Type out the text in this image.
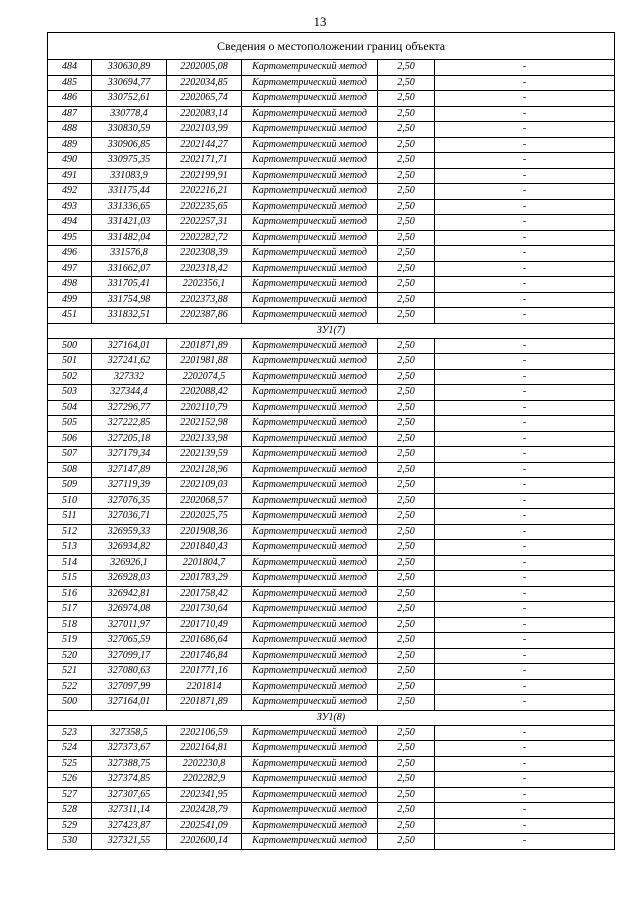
13
Сведения о местоположении границ объекта					
484	330630,89	2202005,08	Картометрический метод	2,50	-
485	330694,77	2202034,85	Картометрический метод	2,50	-
486	330752,61	2202065,74	Картометрический метод	2,50	-
487	330778,4	2202083,14	Картометрический метод	2,50	-
488	330830,59	2202103,99	Картометрический метод	2,50	-
489	330906,85	2202144,27	Картометрический метод	2,50	-
490	330975,35	2202171,71	Картометрический метод	2,50	-
491	331083,9	2202199,91	Картометрический метод	2,50	-
492	331175,44	2202216,21	Картометрический метод	2,50	-
493	331336,65	2202235,65	Картометрический метод	2,50	-
494	331421,03	2202257,31	Картометрический метод	2,50	-
495	331482,04	2202282,72	Картометрический метод	2,50	-
496	331576,8	2202308,39	Картометрический метод	2,50	-
497	331662,07	2202318,42	Картометрический метод	2,50	-
498	331705,41	2202356,1	Картометрический метод	2,50	-
499	331754,98	2202373,88	Картометрический метод	2,50	-
451	331832,51	2202387,86	Картометрический метод	2,50	-
ЗУ1(7)					
500	327164,01	2201871,89	Картометрический метод	2,50	-
501	327241,62	2201981,88	Картометрический метод	2,50	-
502	327332	2202074,5	Картометрический метод	2,50	-
503	327344,4	2202088,42	Картометрический метод	2,50	-
504	327296,77	2202110,79	Картометрический метод	2,50	-
505	327222,85	2202152,98	Картометрический метод	2,50	-
506	327205,18	2202133,98	Картометрический метод	2,50	-
507	327179,34	2202139,59	Картометрический метод	2,50	-
508	327147,89	2202128,96	Картометрический метод	2,50	-
509	327119,39	2202109,03	Картометрический метод	2,50	-
510	327076,35	2202068,57	Картометрический метод	2,50	-
511	327036,71	2202025,75	Картометрический метод	2,50	-
512	326959,33	2201908,36	Картометрический метод	2,50	-
513	326934,82	2201840,43	Картометрический метод	2,50	-
514	326926,1	2201804,7	Картометрический метод	2,50	-
515	326928,03	2201783,29	Картометрический метод	2,50	-
516	326942,81	2201758,42	Картометрический метод	2,50	-
517	326974,08	2201730,64	Картометрический метод	2,50	-
518	327011,97	2201710,49	Картометрический метод	2,50	-
519	327065,59	2201686,64	Картометрический метод	2,50	-
520	327099,17	2201746,84	Картометрический метод	2,50	-
521	327080,63	2201771,16	Картометрический метод	2,50	-
522	327097,99	2201814	Картометрический метод	2,50	-
500	327164,01	2201871,89	Картометрический метод	2,50	-
ЗУ1(8)					
523	327358,5	2202106,59	Картометрический метод	2,50	-
524	327373,67	2202164,81	Картометрический метод	2,50	-
525	327388,75	2202230,8	Картометрический метод	2,50	-
526	327374,85	2202282,9	Картометрический метод	2,50	-
527	327307,65	2202341,95	Картометрический метод	2,50	-
528	327311,14	2202428,79	Картометрический метод	2,50	-
529	327423,87	2202541,09	Картометрический метод	2,50	-
530	327321,55	2202600,14	Картометрический метод	2,50	-
